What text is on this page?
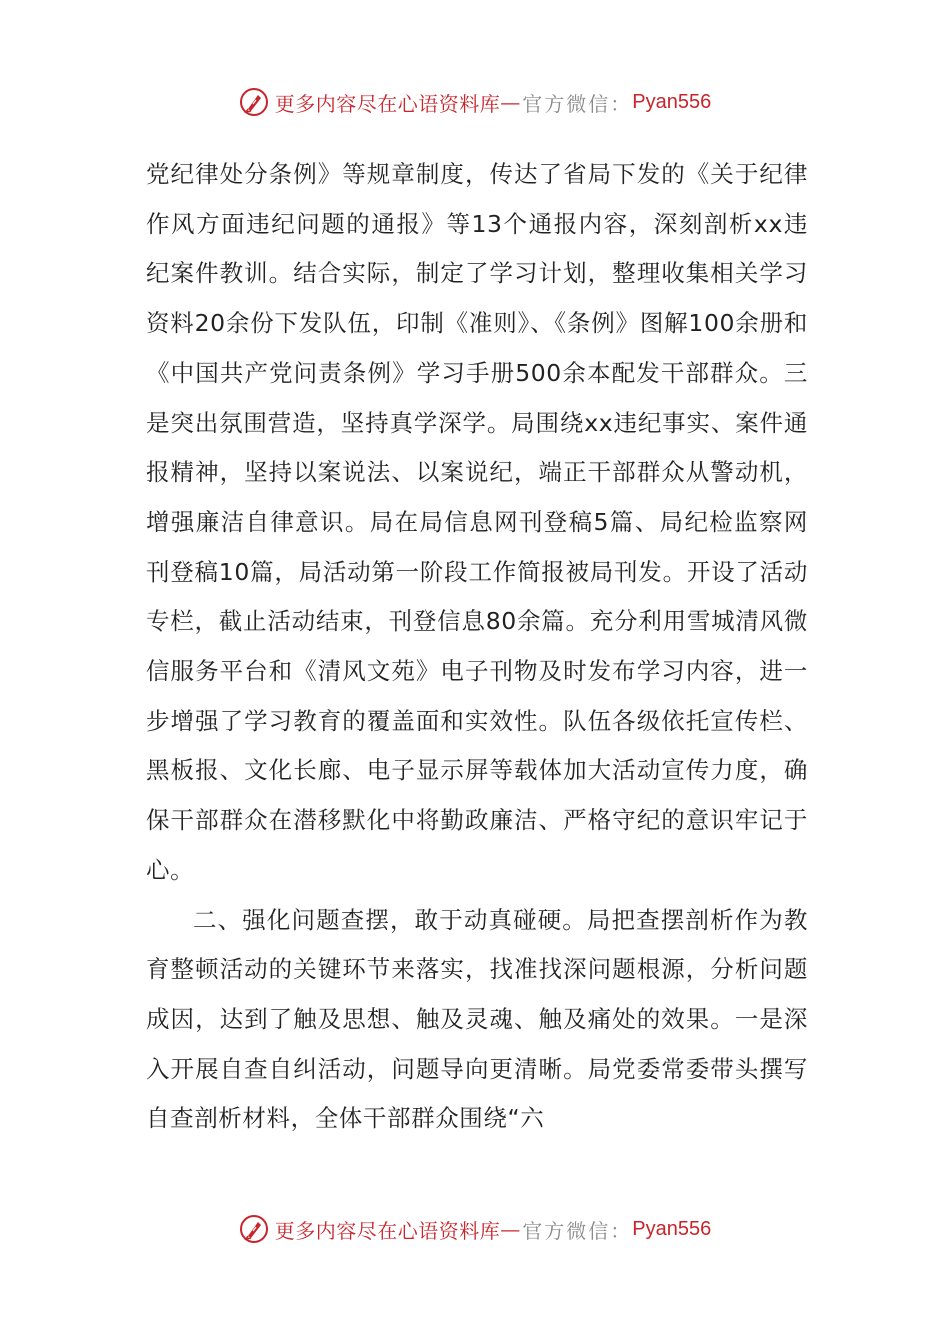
更多内容尽在心语资料库 — 官方微信： Pyan556

党纪律处分条例》等规章制度，传达了省局下发的《关于纪律作风方面违纪问题的通报》等13个通报内容，深刻剖析xx违纪案件教训。结合实际，制定了学习计划，整理收集相关学习资料20余份下发队伍，印制《准则》、《条例》图解100余册和《中国共产党问责条例》学习手册500余本配发干部群众。三是突出氛围营造，坚持真学深学。局围绕xx违纪事实、案件通报精神，坚持以案说法、以案说纪，端正干部群众从警动机，增强廉洁自律意识。局在局信息网刊登稿5篇、局纪检监察网刊登稿10篇，局活动第一阶段工作简报被局刊发。开设了活动专栏，截止活动结束，刊登信息80余篇。充分利用雪城清风微信服务平台和《清风文苑》电子刊物及时发布学习内容，进一步增强了学习教育的覆盖面和实效性。队伍各级依托宣传栏、黑板报、文化长廊、电子显示屏等载体加大活动宣传力度，确保干部群众在潜移默化中将勤政廉洁、严格守纪的意识牢记于心。

二、强化问题查摆，敢于动真碰硬。局把查摆剖析作为教育整顿活动的关键环节来落实，找准找深问题根源，分析问题成因，达到了触及思想、触及灵魂、触及痛处的效果。一是深入开展自查自纠活动，问题导向更清晰。局党委常委带头撰写自查剖析材料，全体干部群众围绕“六

更多内容尽在心语资料库 — 官方微信： Pyan556
